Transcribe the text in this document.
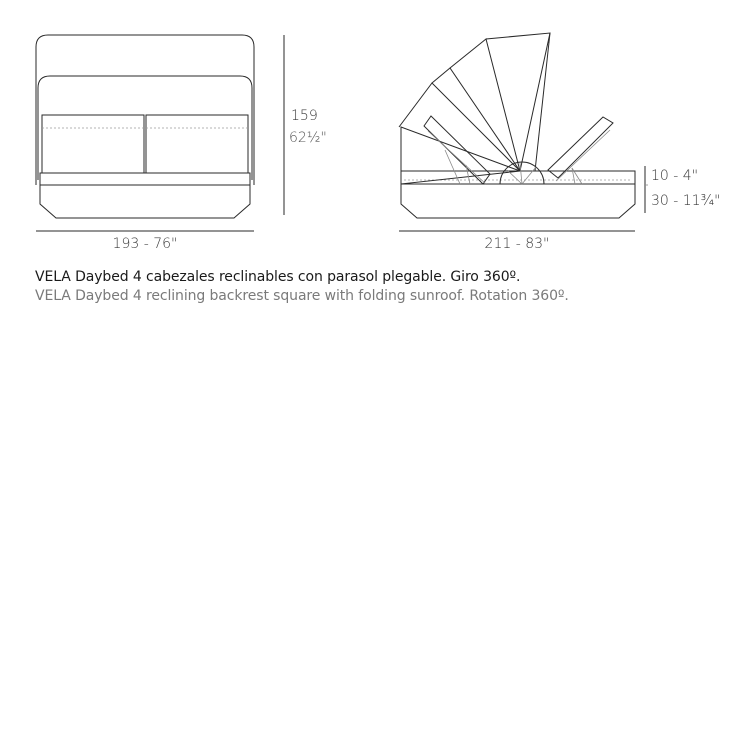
159
62½"
193 - 76"
10 - 4"
30 - 11¾"
211 - 83"

VELA Daybed 4 cabezales reclinables con parasol plegable. Giro 360º.

VELA Daybed 4 reclining backrest square with folding sunroof. Rotation 360º.
